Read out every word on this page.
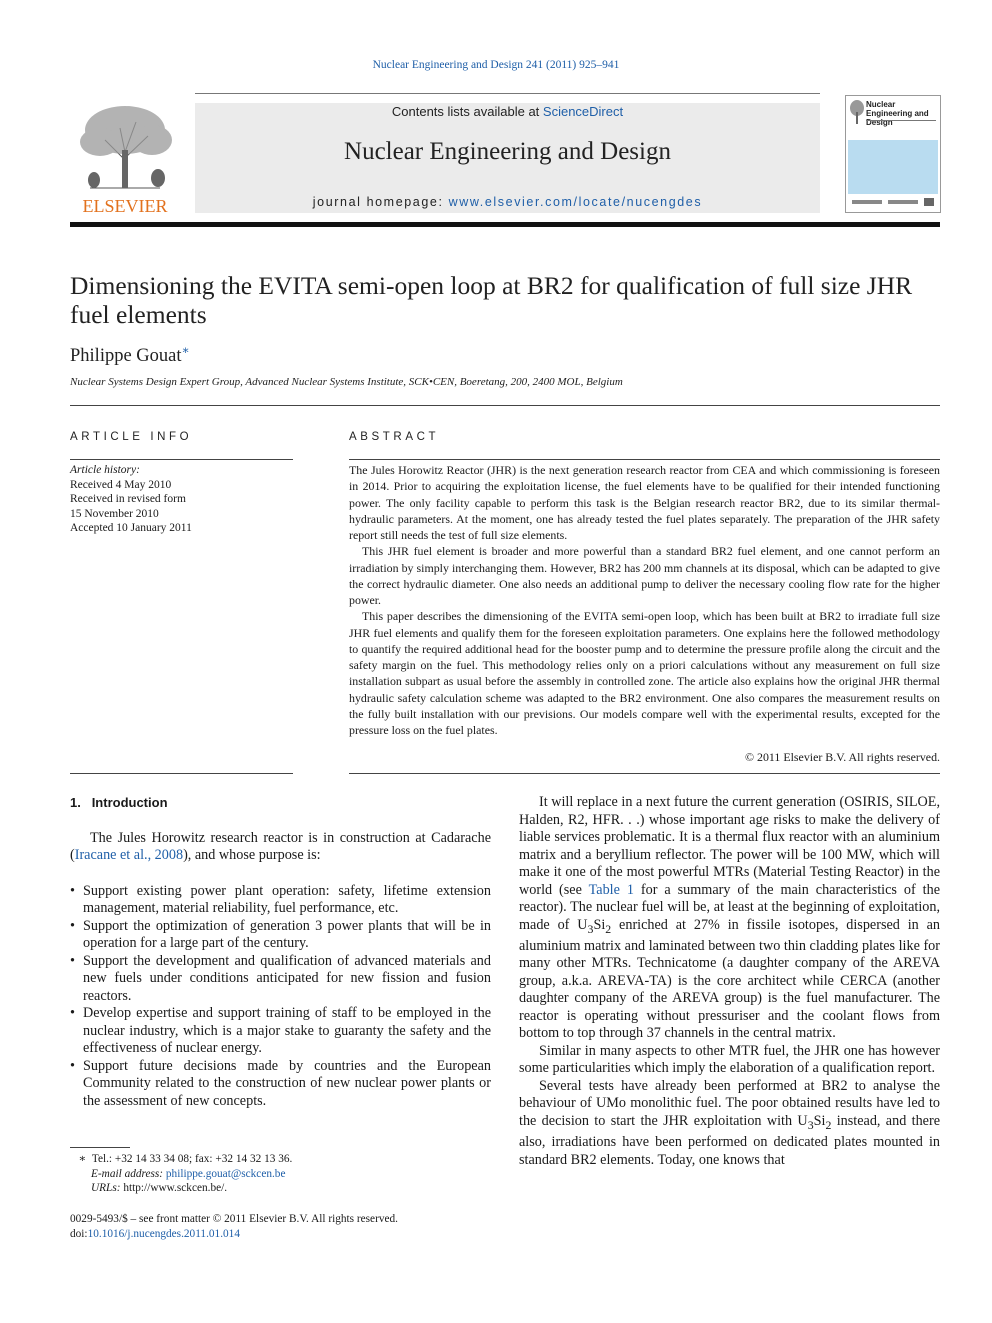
Nuclear Engineering and Design 241 (2011) 925–941
ELSEVIER
Contents lists available at ScienceDirect
Nuclear Engineering and Design
journal homepage: www.elsevier.com/locate/nucengdes
Nuclear Engineering and Design
Dimensioning the EVITA semi-open loop at BR2 for qualification of full size JHR fuel elements
Philippe Gouat∗
Nuclear Systems Design Expert Group, Advanced Nuclear Systems Institute, SCK•CEN, Boeretang, 200, 2400 MOL, Belgium
ARTICLE INFO	ABSTRACT
Article history:
Received 4 May 2010
Received in revised form
15 November 2010
Accepted 10 January 2011

The Jules Horowitz Reactor (JHR) is the next generation research reactor from CEA and which commissioning is foreseen in 2014. Prior to acquiring the exploitation license, the fuel elements have to be qualified for their intended functioning power. The only facility capable to perform this task is the Belgian research reactor BR2, due to its similar thermal-hydraulic parameters. At the moment, one has already tested the fuel plates separately. The preparation of the JHR safety report still needs the test of full size elements.

This JHR fuel element is broader and more powerful than a standard BR2 fuel element, and one cannot perform an irradiation by simply interchanging them. However, BR2 has 200 mm channels at its disposal, which can be adapted to give the correct hydraulic diameter. One also needs an additional pump to deliver the necessary cooling flow rate for the higher power.

This paper describes the dimensioning of the EVITA semi-open loop, which has been built at BR2 to irradiate full size JHR fuel elements and qualify them for the foreseen exploitation parameters. One explains here the followed methodology to quantify the required additional head for the booster pump and to determine the pressure profile along the circuit and the safety margin on the fuel. This methodology relies only on a priori calculations without any measurement on full size installation subpart as usual before the assembly in controlled zone. The article also explains how the original JHR thermal hydraulic safety calculation scheme was adapted to the BR2 environment. One also compares the measurement results on the fully built installation with our previsions. Our models compare well with the experimental results, excepted for the pressure loss on the fuel plates.

© 2011 Elsevier B.V. All rights reserved.

1. Introduction

The Jules Horowitz research reactor is in construction at Cadarache (Iracane et al., 2008), and whose purpose is:

• Support existing power plant operation: safety, lifetime extension management, material reliability, fuel performance, etc.
• Support the optimization of generation 3 power plants that will be in operation for a large part of the century.
• Support the development and qualification of advanced materials and new fuels under conditions anticipated for new fission and fusion reactors.
• Develop expertise and support training of staff to be employed in the nuclear industry, which is a major stake to guaranty the safety and the effectiveness of nuclear energy.
• Support future decisions made by countries and the European Community related to the construction of new nuclear power plants or the assessment of new concepts.

It will replace in a next future the current generation (OSIRIS, SILOE, Halden, R2, HFR. . .) whose important age risks to make the delivery of liable services problematic. It is a thermal flux reactor with an aluminium matrix and a beryllium reflector. The power will be 100 MW, which will make it one of the most powerful MTRs (Material Testing Reactor) in the world (see Table 1 for a summary of the main characteristics of the reactor). The nuclear fuel will be, at least at the beginning of exploitation, made of $U_3Si_2$ enriched at 27% in fissile isotopes, dispersed in an aluminium matrix and laminated between two thin cladding plates like for many other MTRs. Technicatome (a daughter company of the AREVA group, a.k.a. AREVA-TA) is the core architect while CERCA (another daughter company of the AREVA group) is the fuel manufacturer. The reactor is operating without pressuriser and the coolant flows from bottom to top through 37 channels in the central matrix.

Similar in many aspects to other MTR fuel, the JHR one has however some particularities which imply the elaboration of a qualification report.

Several tests have already been performed at BR2 to analyse the behaviour of UMo monolithic fuel. The poor obtained results have led to the decision to start the JHR exploitation with $U_3Si_2$ instead, and there also, irradiations have been performed on dedicated plates mounted in standard BR2 elements. Today, one knows that

∗ Tel.: +32 14 33 34 08; fax: +32 14 32 13 36.
E-mail address: philippe.gouat@sckcen.be
URLs: http://www.sckcen.be/.
0029-5493/$ – see front matter © 2011 Elsevier B.V. All rights reserved.
doi:10.1016/j.nucengdes.2011.01.014
